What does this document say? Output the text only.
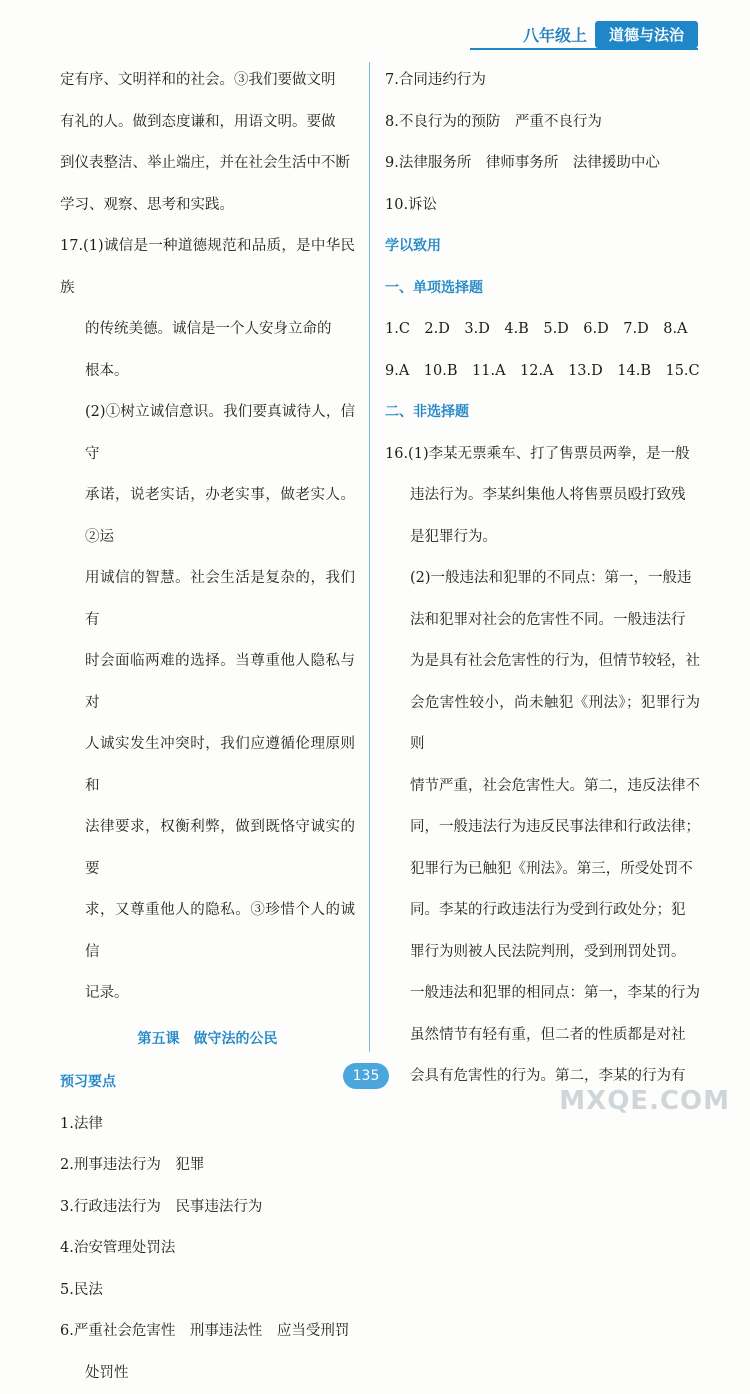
八年级上	道德与法治
定有序、文明祥和的社会。③我们要做文明
有礼的人。做到态度谦和，用语文明。要做
到仪表整洁、举止端庄，并在社会生活中不断
学习、观察、思考和实践。
17.(1)诚信是一种道德规范和品质，是中华民族
的传统美德。诚信是一个人安身立命的
根本。
(2)①树立诚信意识。我们要真诚待人，信守
承诺，说老实话，办老实事，做老实人。②运
用诚信的智慧。社会生活是复杂的，我们有
时会面临两难的选择。当尊重他人隐私与对
人诚实发生冲突时，我们应遵循伦理原则和
法律要求，权衡利弊，做到既恪守诚实的要
求，又尊重他人的隐私。③珍惜个人的诚信
记录。
第五课　做守法的公民
预习要点
1.法律
2.刑事违法行为　犯罪
3.行政违法行为　民事违法行为
4.治安管理处罚法
5.民法
6.严重社会危害性　刑事违法性　应当受刑罚
处罚性
7.合同违约行为
8.不良行为的预防　严重不良行为
9.法律服务所　律师事务所　法律援助中心
10.诉讼
学以致用
一、单项选择题
1.C　2.D　3.D　4.B　5.D　6.D　7.D　8.A
9.A　10.B　11.A　12.A　13.D　14.B　15.C
二、非选择题
16.(1)李某无票乘车、打了售票员两拳，是一般
违法行为。李某纠集他人将售票员殴打致残
是犯罪行为。
(2)一般违法和犯罪的不同点：第一，一般违
法和犯罪对社会的危害性不同。一般违法行
为是具有社会危害性的行为，但情节较轻，社
会危害性较小，尚未触犯《刑法》；犯罪行为则
情节严重，社会危害性大。第二，违反法律不
同，一般违法行为违反民事法律和行政法律；
犯罪行为已触犯《刑法》。第三，所受处罚不
同。李某的行政违法行为受到行政处分；犯
罪行为则被人民法院判刑，受到刑罚处罚。
一般违法和犯罪的相同点：第一，李某的行为
虽然情节有轻有重，但二者的性质都是对社
会具有危害性的行为。第二，李某的行为有
135
MXQE.COM
